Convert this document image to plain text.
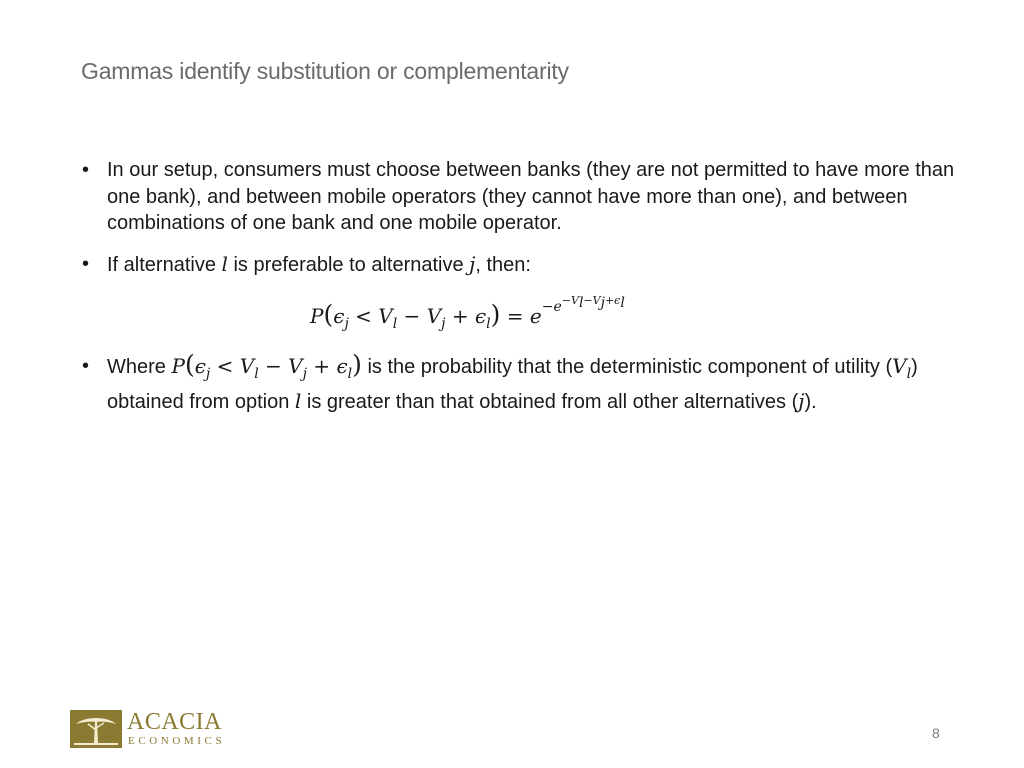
Gammas identify substitution or complementarity
• In our setup, consumers must choose between banks (they are not permitted to have more than one bank), and between mobile operators (they cannot have more than one), and between combinations of one bank and one mobile operator.
• If alternative l is preferable to alternative j, then:
$P(\epsilon_j < V_l - V_j + \epsilon_l) = e^{-e^{-V_l-V_j+\epsilon_l}}$
• Where $P(\epsilon_j < V_l - V_j + \epsilon_l)$ is the probability that the deterministic component of utility $(V_l)$ obtained from option l is greater than that obtained from all other alternatives (j).
ACACIA
ECONOMICS	8
